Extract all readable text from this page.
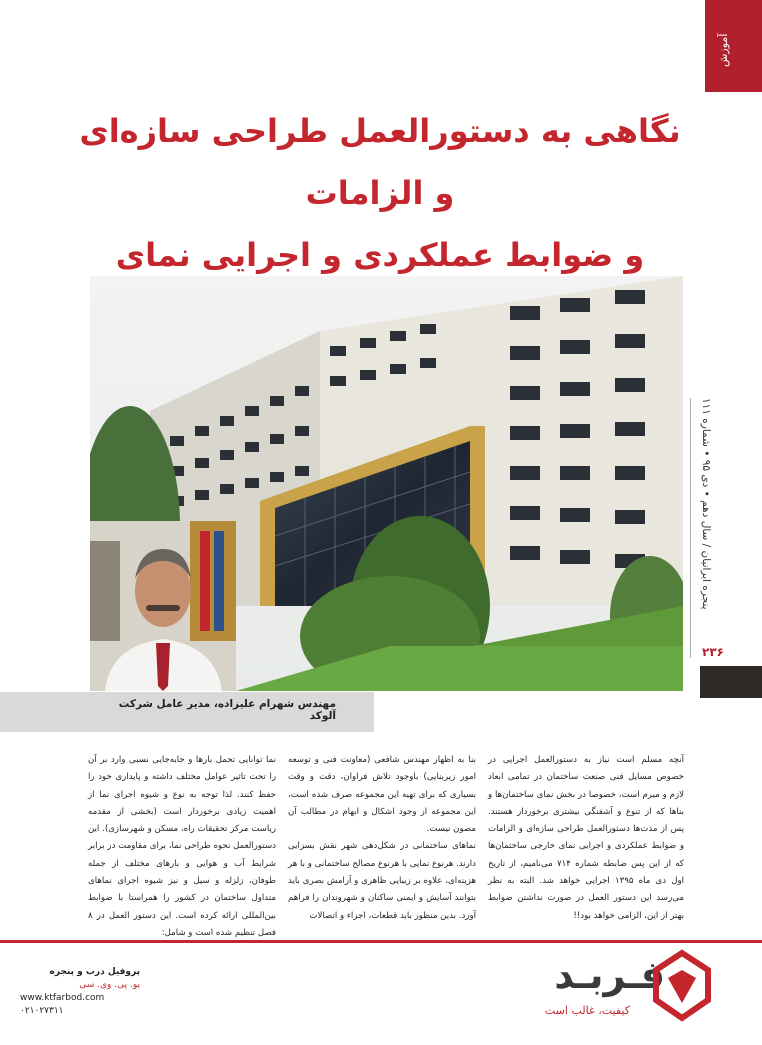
آموزش
نگاهی به دستورالعمل طراحی سازه‌ای و الزامات
و ضوابط عملکردی و اجرایی نمای
مهندس شهرام علیزاده، مدیر عامل شرکت آلوکد
پنجره ایرانیان / سال دهم • دی ۹۵ • شماره ۱۱۱
۲۳۶

آنچه مسلم است نیاز به دستورالعمل اجرایی در خصوص مسایل فنی صنعت ساختمان در تمامی ابعاد لازم و مبرم است، خصوصا در بخش نمای ساختمان‌ها و بناها که از تنوع و آشفتگی بیشتری برخوردار هستند. پس از مدت‌ها دستورالعمل طراحی سازه‌ای و الزامات و ضوابط عملکردی و اجرایی نمای خارجی ساختمان‌ها که از این پس ضابطه شماره ۷۱۴ می‌نامیم، از تاریخ اول دی ماه ۱۳۹۵ اجرایی خواهد شد. البته به نظر می‌رسد این دستور العمل در صورت نداشتن ضوابط بهتر از این، الزامی خواهد بود!!

بنا به اظهار مهندس شافعی (معاونت فنی و توسعه امور زیربنایی) باوجود تلاش فراوان، دقت و وقت بسیاری که برای تهیه این مجموعه صرف شده است، این مجموعه از وجود اشکال و ابهام در مطالب آن مصون نیست.

نماهای ساختمانی در شکل‌دهی شهر نقش بسزایی دارند. هرنوع نمایی با هرنوع مصالح ساختمانی و با هر هزینه‌ای، علاوه بر زیبایی ظاهری و آرامش بصری باید بتوانند آسایش و ایمنی ساکنان و شهروندان را فراهم آورد. بدین منظور باید قطعات، اجزاء و اتصالات

نما توانایی تحمل بارها و جابه‌جایی نسبی وارد بر آن را تحت تاثیر عوامل مختلف داشته و پایداری خود را حفظ کنند. لذا توجه به نوع و شیوه اجرای نما از اهمیت زیادی برخوردار است (بخشی از مقدمه ریاست مرکز تحقیقات راه، مسکن و شهرسازی). این دستورالعمل نحوه طراحی نما، برای مقاومت در برابر شرایط آب و هوایی و بارهای مختلف از جمله طوفان، زلزله و سیل و نیز شیوه اجرای نماهای متداول ساختمان در کشور را همراستا با ضوابط بین‌المللی ارائه کرده است. این دستور العمل در ۸ فصل تنظیم شده است و شامل:

پروفیل درب و پنجره
یو. پی. وی. سی
www.ktfarbod.com
۰۲۱۰۲۷۳۱۱
فـربـد
کیفیت، غالب است
